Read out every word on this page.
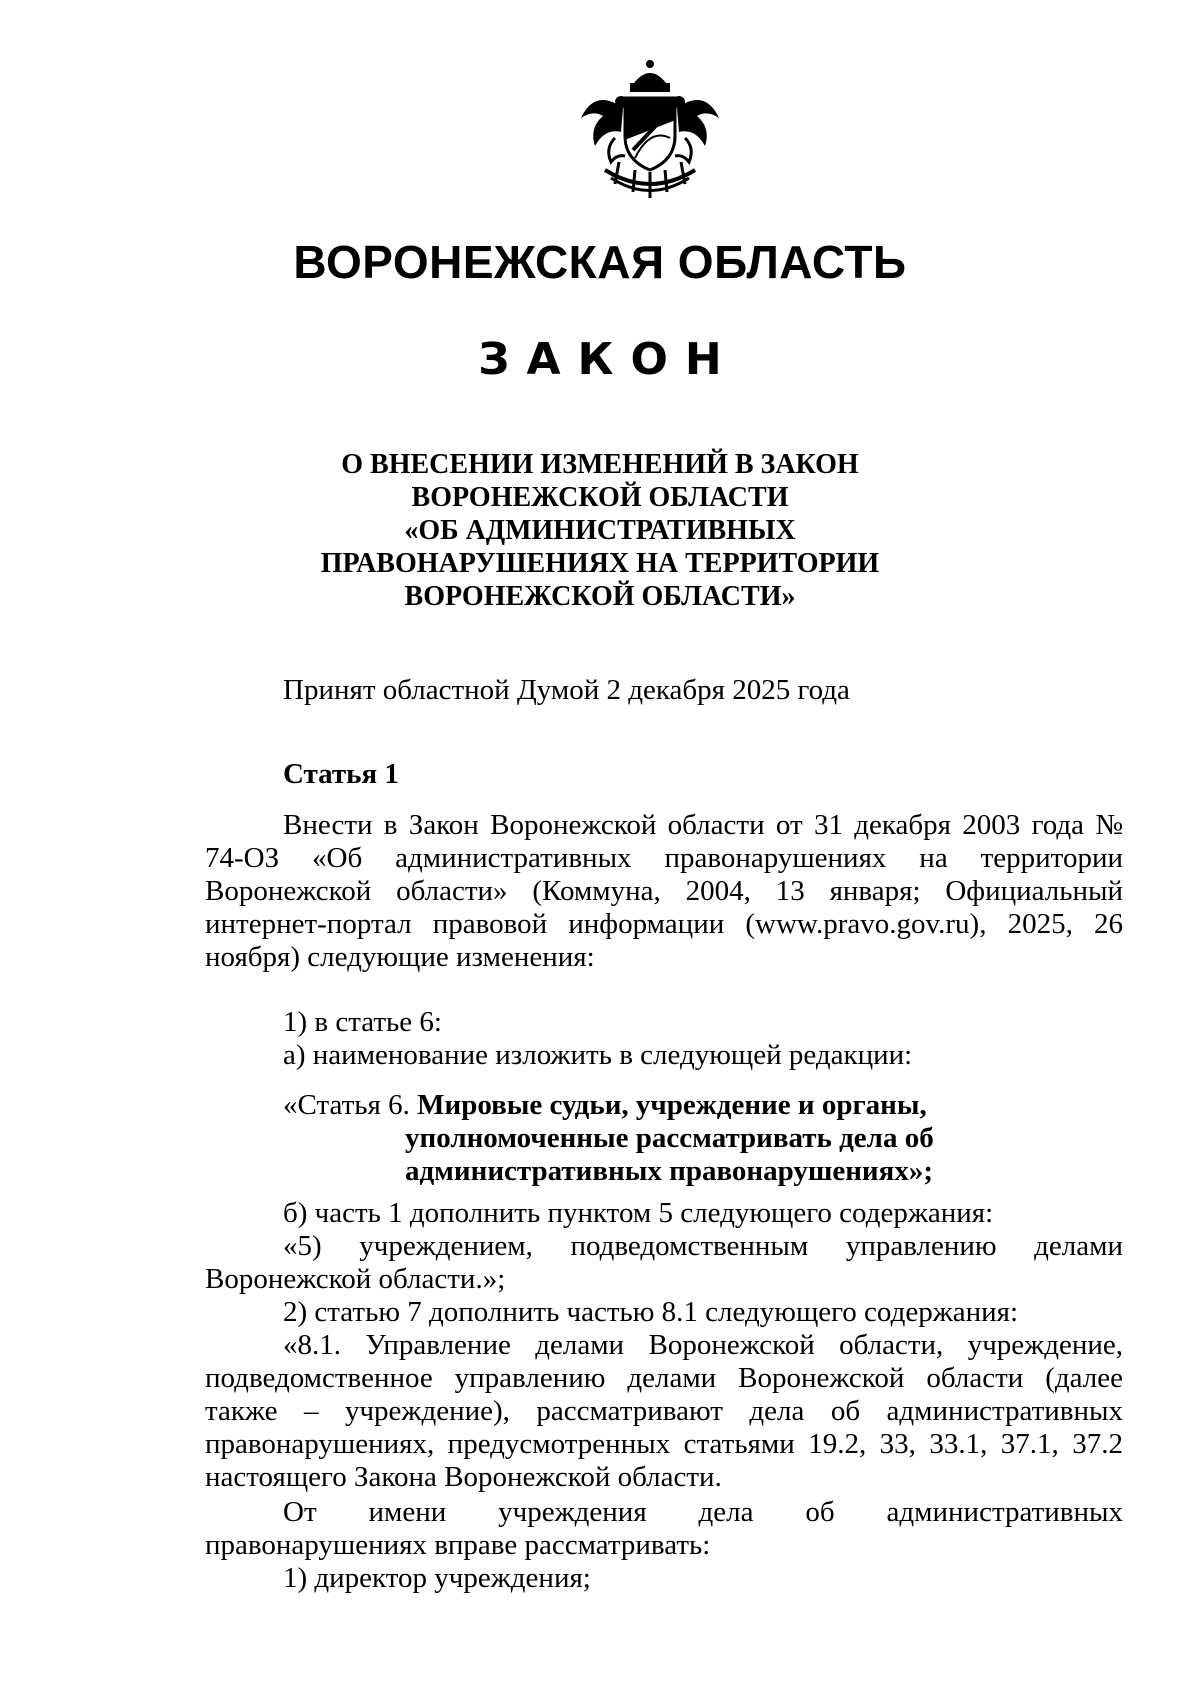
ВОРОНЕЖСКАЯ ОБЛАСТЬ
ЗАКОН
О ВНЕСЕНИИ ИЗМЕНЕНИЙ В ЗАКОН
ВОРОНЕЖСКОЙ ОБЛАСТИ
«ОБ АДМИНИСТРАТИВНЫХ
ПРАВОНАРУШЕНИЯХ НА ТЕРРИТОРИИ
ВОРОНЕЖСКОЙ ОБЛАСТИ»

Принят областной Думой 2 декабря 2025 года

Статья 1

Внести в Закон Воронежской области от 31 декабря 2003 года № 74-ОЗ «Об административных правонарушениях на территории Воронежской области» (Коммуна, 2004, 13 января; Официальный интернет-портал правовой информации (www.pravo.gov.ru), 2025, 26 ноября) следующие изменения:

1) в статье 6:

а) наименование изложить в следующей редакции:

«Статья 6. Мировые судьи, учреждение и органы,
уполномоченные рассматривать дела об
административных правонарушениях»;

б) часть 1 дополнить пунктом 5 следующего содержания:

«5) учреждением, подведомственным управлению делами Воронежской области.»;

2) статью 7 дополнить частью 8.1 следующего содержания:

«8.1. Управление делами Воронежской области, учреждение, подведомственное управлению делами Воронежской области (далее также – учреждение), рассматривают дела об административных правонарушениях, предусмотренных статьями 19.2, 33, 33.1, 37.1, 37.2 настоящего Закона Воронежской области.

От имени учреждения дела об административных правонарушениях вправе рассматривать:

1) директор учреждения;
